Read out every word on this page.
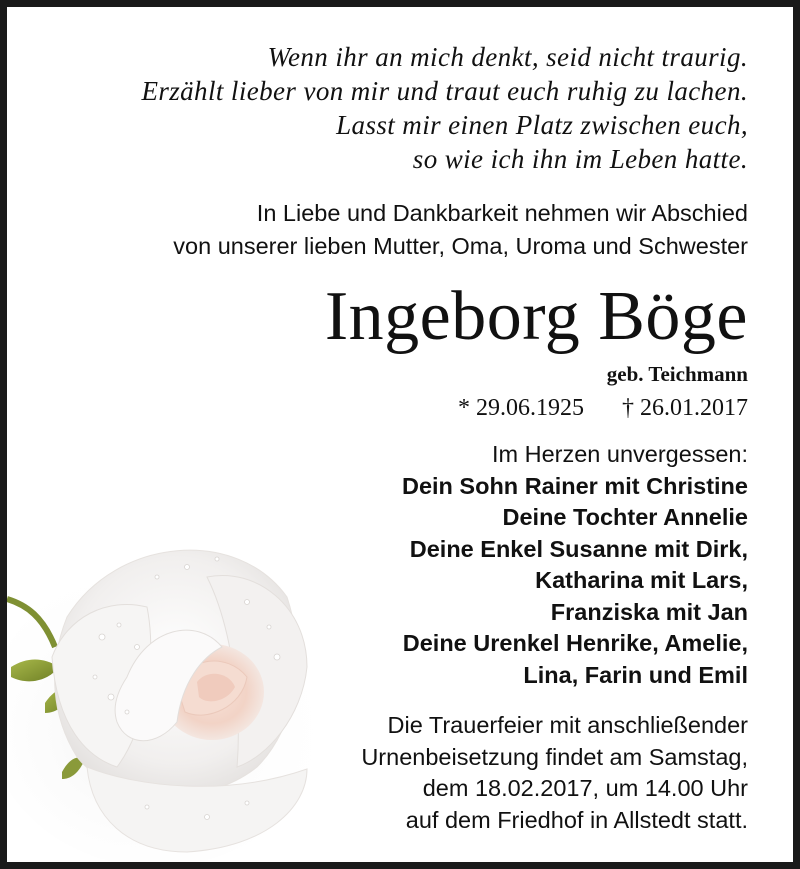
Wenn ihr an mich denkt, seid nicht traurig.
Erzählt lieber von mir und traut euch ruhig zu lachen.
Lasst mir einen Platz zwischen euch,
so wie ich ihn im Leben hatte.
In Liebe und Dankbarkeit nehmen wir Abschied
von unserer lieben Mutter, Oma, Uroma und Schwester
Ingeborg Böge
geb. Teichmann
* 29.06.1925 † 26.01.2017
Im Herzen unvergessen:
Dein Sohn Rainer mit Christine
Deine Tochter Annelie
Deine Enkel Susanne mit Dirk,
Katharina mit Lars,
Franziska mit Jan
Deine Urenkel Henrike, Amelie,
Lina, Farin und Emil
Die Trauerfeier mit anschließender
Urnenbeisetzung findet am Samstag,
dem 18.02.2017, um 14.00 Uhr
auf dem Friedhof in Allstedt statt.
